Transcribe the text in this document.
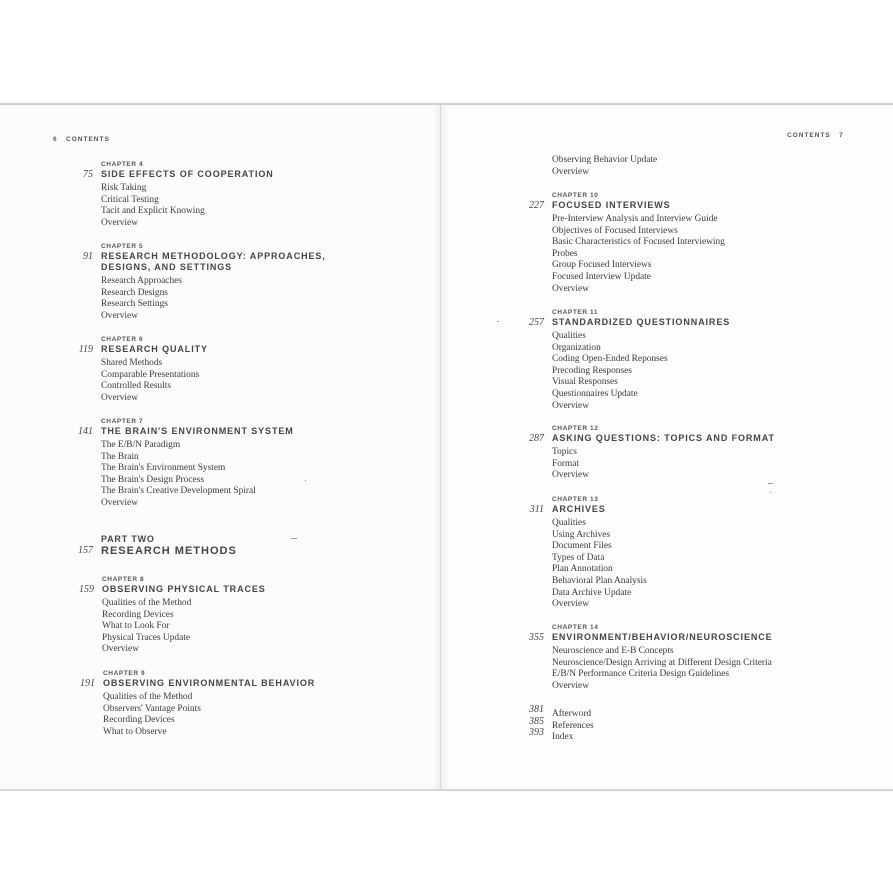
6 CONTENTS
CHAPTER 4
75 SIDE EFFECTS OF COOPERATION
Risk Taking
Critical Testing
Tacit and Explicit Knowing
Overview
CHAPTER 5
91 RESEARCH METHODOLOGY: APPROACHES,
DESIGNS, AND SETTINGS
Research Approaches
Research Designs
Research Settings
Overview
CHAPTER 6
119 RESEARCH QUALITY
Shared Methods
Comparable Presentations
Controlled Results
Overview
CHAPTER 7
141 THE BRAIN'S ENVIRONMENT SYSTEM
The E/B/N Paradigm
The Brain
The Brain's Environment System
The Brain's Design Process
The Brain's Creative Development Spiral
Overview
PART TWO
157 RESEARCH METHODS
CHAPTER 8
159 OBSERVING PHYSICAL TRACES
Qualities of the Method
Recording Devices
What to Look For
Physical Traces Update
Overview
CHAPTER 9
191 OBSERVING ENVIRONMENTAL BEHAVIOR
Qualities of the Method
Observers' Vantage Points
Recording Devices
What to Observe
CONTENTS 7
Observing Behavior Update
Overview
CHAPTER 10
227 FOCUSED INTERVIEWS
Pre-Interview Analysis and Interview Guide
Objectives of Focused Interviews
Basic Characteristics of Focused Interviewing
Probes
Group Focused Interviews
Focused Interview Update
Overview
CHAPTER 11
257 STANDARDIZED QUESTIONNAIRES
Qualities
Organization
Coding Open-Ended Reponses
Precoding Responses
Visual Responses
Questionnaires Update
Overview
CHAPTER 12
287 ASKING QUESTIONS: TOPICS AND FORMAT
Topics
Format
Overview
CHAPTER 13
311 ARCHIVES
Qualities
Using Archives
Document Files
Types of Data
Plan Annotation
Behavioral Plan Analysis
Data Archive Update
Overview
CHAPTER 14
355 ENVIRONMENT/BEHAVIOR/NEUROSCIENCE
Neuroscience and E-B Concepts
Neuroscience/Design Arriving at Different Design Criteria
E/B/N Performance Criteria Design Guidelines
Overview
381 Afterword
385 References
393 Index
